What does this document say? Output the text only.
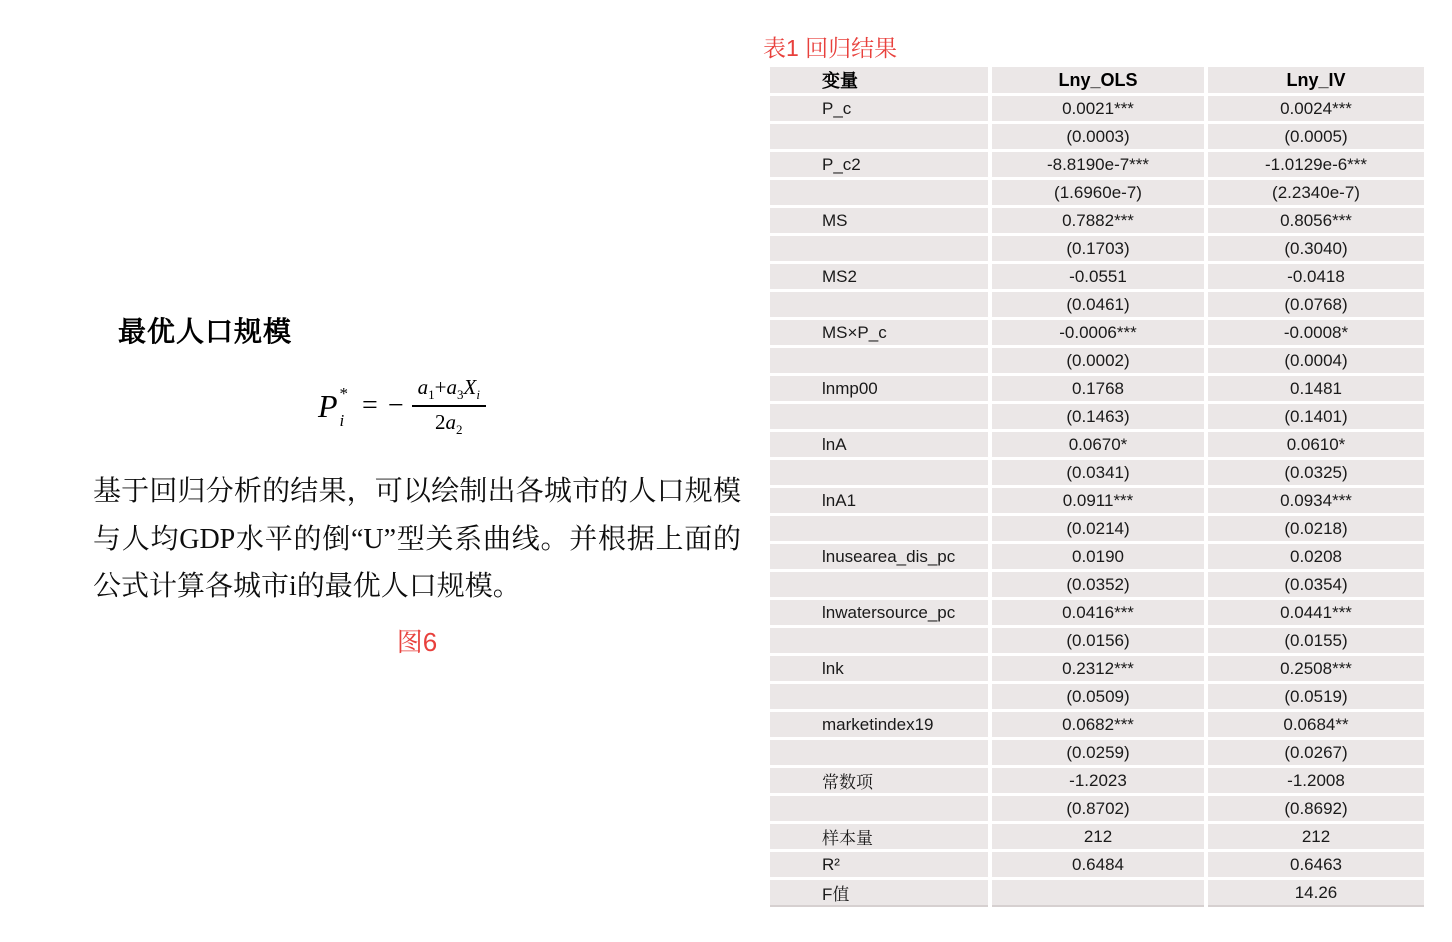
最优人口规模
P *
i = − $\frac{a_1+a_3X_i}{2a_2}$
基于回归分析的结果，可以绘制出各城市的人口规模与人均GDP水平的倒“U”型关系曲线。并根据上面的公式计算各城市i的最优人口规模。
图6
表1 回归结果
变量	Lny_OLS	Lny_IV
P_c	0.0021***	0.0024***
	(0.0003)	(0.0005)
P_c2	-8.8190e-7***	-1.0129e-6***
	(1.6960e-7)	(2.2340e-7)
MS	0.7882***	0.8056***
	(0.1703)	(0.3040)
MS2	-0.0551	-0.0418
	(0.0461)	(0.0768)
MS×P_c	-0.0006***	-0.0008*
	(0.0002)	(0.0004)
lnmp00	0.1768	0.1481
	(0.1463)	(0.1401)
lnA	0.0670*	0.0610*
	(0.0341)	(0.0325)
lnA1	0.0911***	0.0934***
	(0.0214)	(0.0218)
lnusearea_dis_pc	0.0190	0.0208
	(0.0352)	(0.0354)
lnwatersource_pc	0.0416***	0.0441***
	(0.0156)	(0.0155)
lnk	0.2312***	0.2508***
	(0.0509)	(0.0519)
marketindex19	0.0682***	0.0684**
	(0.0259)	(0.0267)
常数项	-1.2023	-1.2008
	(0.8702)	(0.8692)
样本量	212	212
R²	0.6484	0.6463
F值		14.26
